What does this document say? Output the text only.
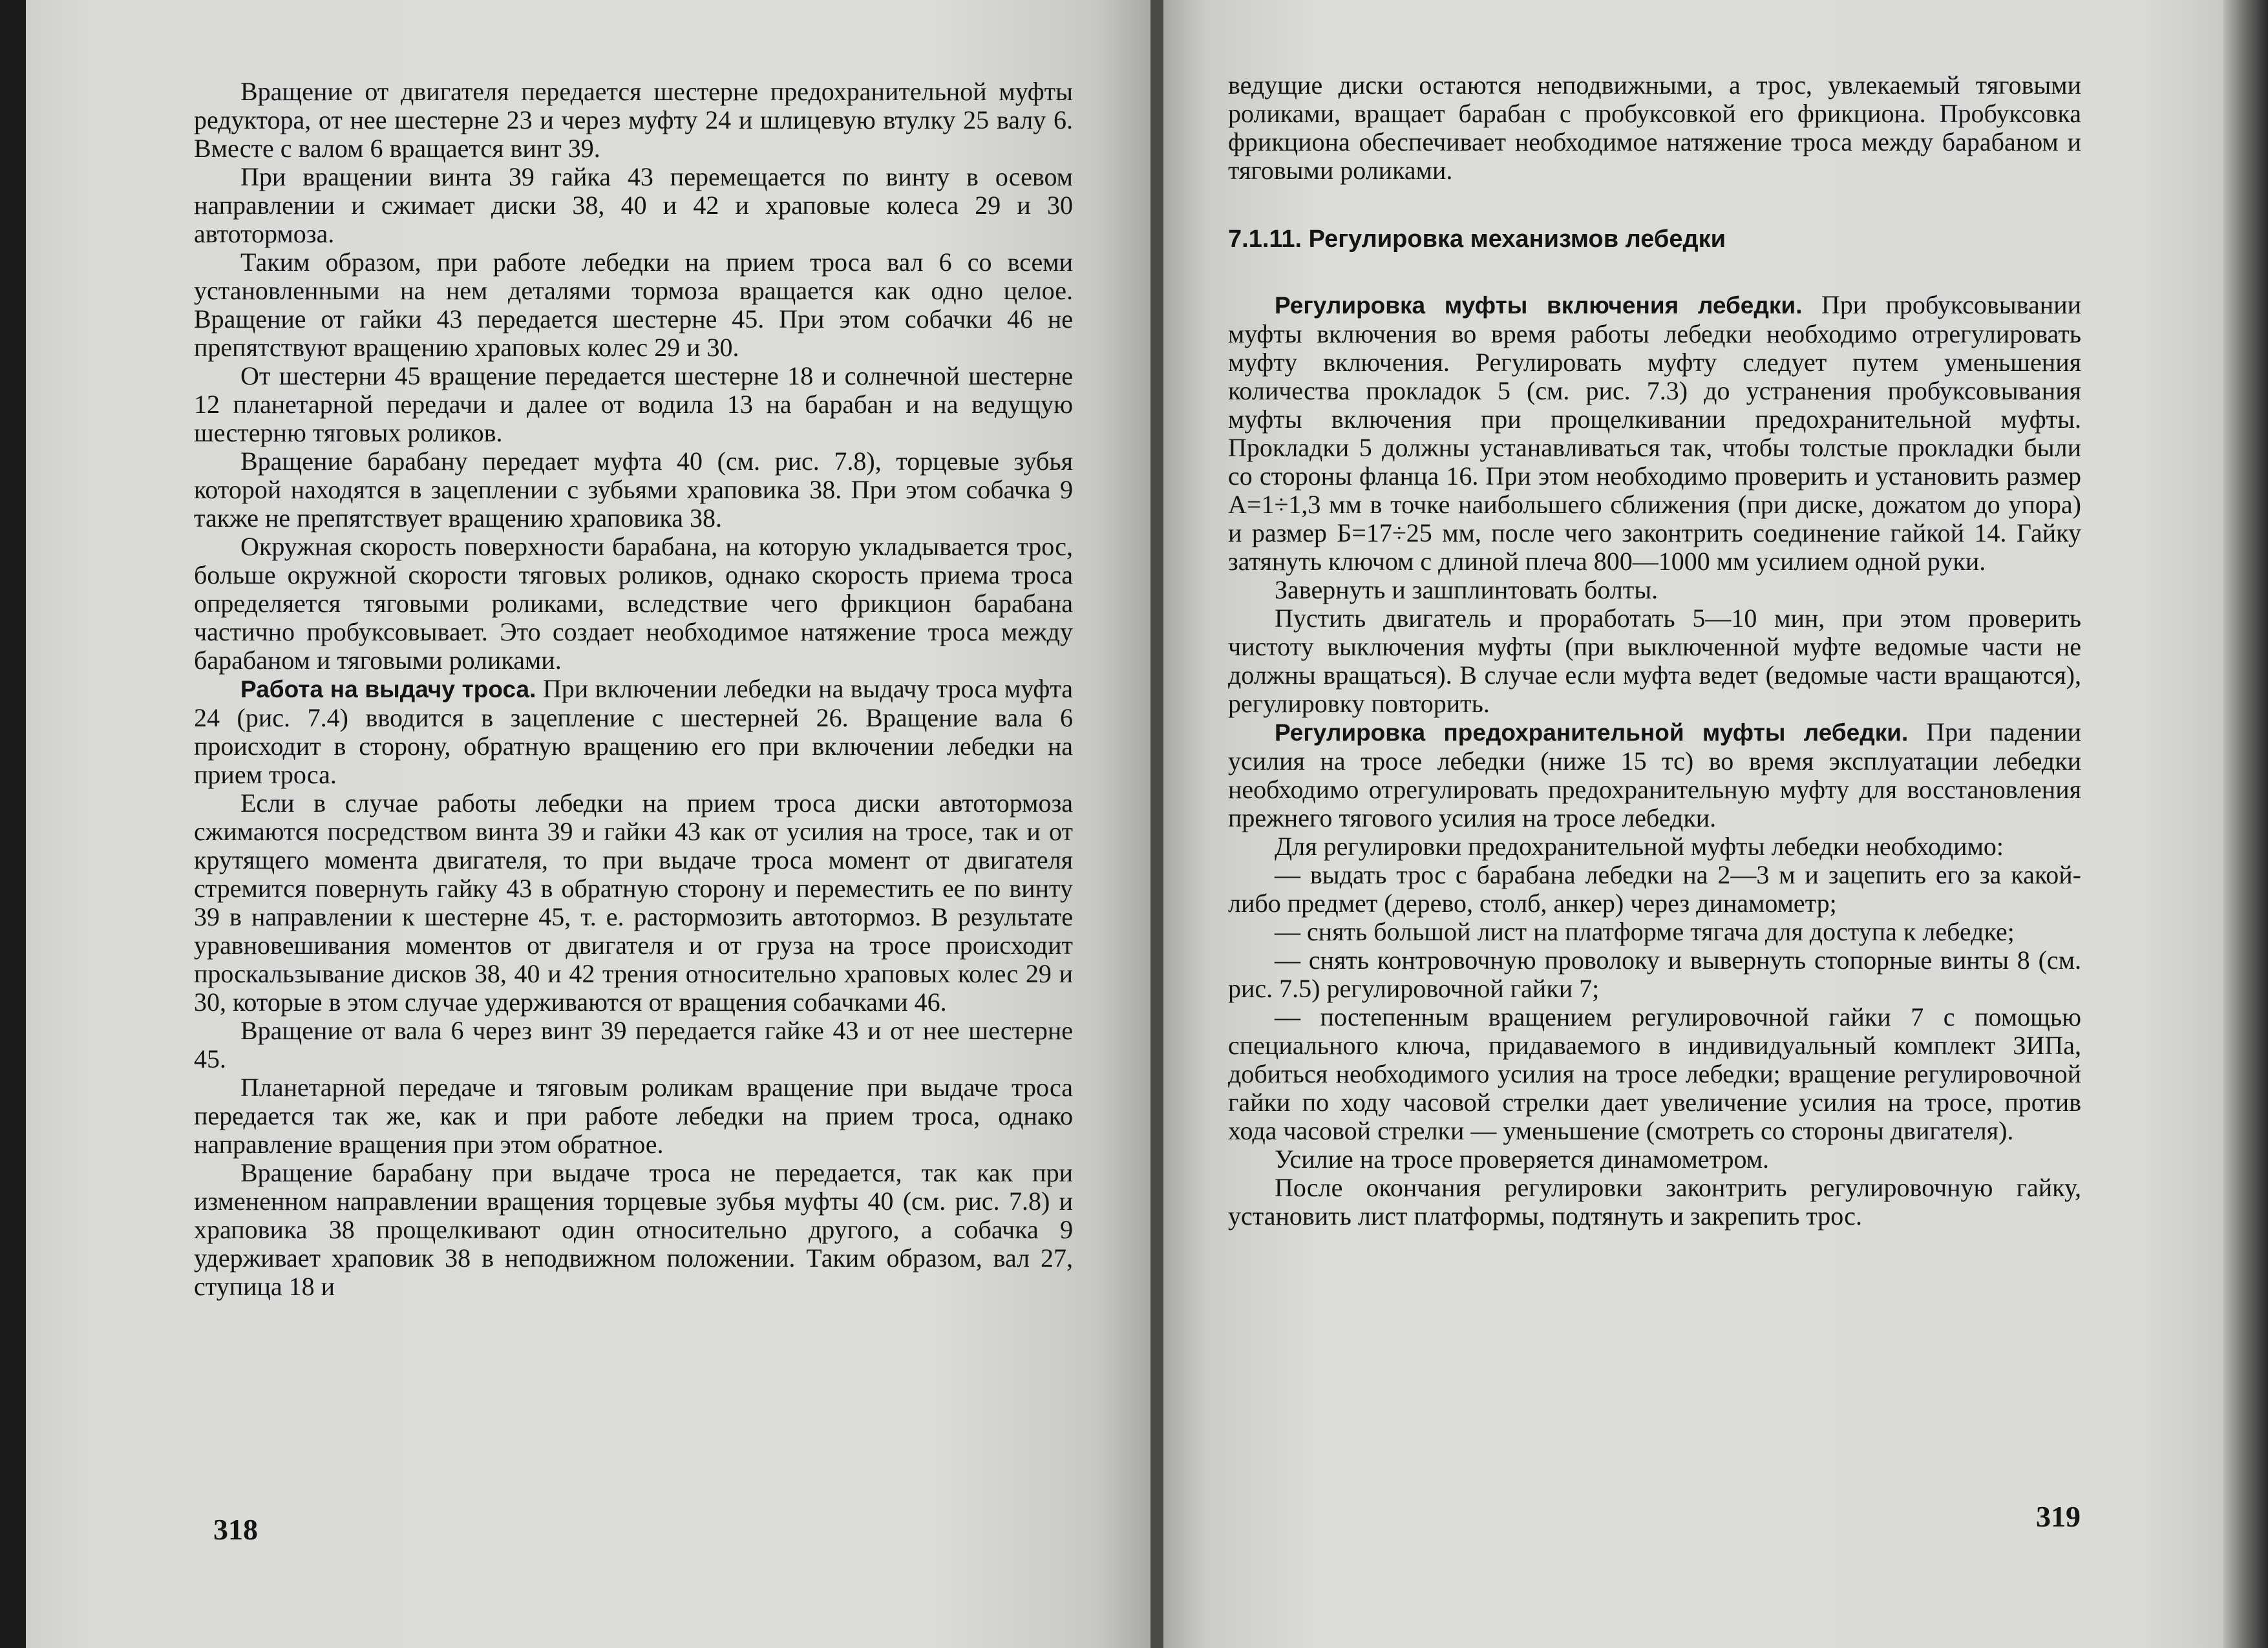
Вращение от двигателя передается шестерне предохранительной муфты редуктора, от нее шестерне 23 и через муфту 24 и шлицевую втулку 25 валу 6. Вместе с валом 6 вращается винт 39.

При вращении винта 39 гайка 43 перемещается по винту в осевом направлении и сжимает диски 38, 40 и 42 и храповые колеса 29 и 30 автотормоза.

Таким образом, при работе лебедки на прием троса вал 6 со всеми установленными на нем деталями тормоза вращается как одно целое. Вращение от гайки 43 передается шестерне 45. При этом собачки 46 не препятствуют вращению храповых колес 29 и 30.

От шестерни 45 вращение передается шестерне 18 и солнечной шестерне 12 планетарной передачи и далее от водила 13 на барабан и на ведущую шестерню тяговых роликов.

Вращение барабану передает муфта 40 (см. рис. 7.8), торцевые зубья которой находятся в зацеплении с зубьями храповика 38. При этом собачка 9 также не препятствует вращению храповика 38.

Окружная скорость поверхности барабана, на которую укладывается трос, больше окружной скорости тяговых роликов, однако скорость приема троса определяется тяговыми роликами, вследствие чего фрикцион барабана частично пробуксовывает. Это создает необходимое натяжение троса между барабаном и тяговыми роликами.

Работа на выдачу троса. При включении лебедки на выдачу троса муфта 24 (рис. 7.4) вводится в зацепление с шестерней 26. Вращение вала 6 происходит в сторону, обратную вращению его при включении лебедки на прием троса.

Если в случае работы лебедки на прием троса диски автотормоза сжимаются посредством винта 39 и гайки 43 как от усилия на тросе, так и от крутящего момента двигателя, то при выдаче троса момент от двигателя стремится повернуть гайку 43 в обратную сторону и переместить ее по винту 39 в направлении к шестерне 45, т. е. растормозить автотормоз. В результате уравновешивания моментов от двигателя и от груза на тросе происходит проскальзывание дисков 38, 40 и 42 трения относительно храповых колес 29 и 30, которые в этом случае удерживаются от вращения собачками 46.

Вращение от вала 6 через винт 39 передается гайке 43 и от нее шестерне 45.

Планетарной передаче и тяговым роликам вращение при выдаче троса передается так же, как и при работе лебедки на прием троса, однако направление вращения при этом обратное.

Вращение барабану при выдаче троса не передается, так как при измененном направлении вращения торцевые зубья муфты 40 (см. рис. 7.8) и храповика 38 прощелкивают один относительно другого, а собачка 9 удерживает храповик 38 в неподвижном положении. Таким образом, вал 27, ступица 18 и

318

ведущие диски остаются неподвижными, а трос, увлекаемый тяговыми роликами, вращает барабан с пробуксовкой его фрикциона. Пробуксовка фрикциона обеспечивает необходимое натяжение троса между барабаном и тяговыми роликами.

7.1.11. Регулировка механизмов лебедки

Регулировка муфты включения лебедки. При пробуксовывании муфты включения во время работы лебедки необходимо отрегулировать муфту включения. Регулировать муфту следует путем уменьшения количества прокладок 5 (см. рис. 7.3) до устранения пробуксовывания муфты включения при прощелкивании предохранительной муфты. Прокладки 5 должны устанавливаться так, чтобы толстые прокладки были со стороны фланца 16. При этом необходимо проверить и установить размер А=1÷1,3 мм в точке наибольшего сближения (при диске, дожатом до упора) и размер Б=17÷25 мм, после чего законтрить соединение гайкой 14. Гайку затянуть ключом с длиной плеча 800—1000 мм усилием одной руки.

Завернуть и зашплинтовать болты.

Пустить двигатель и проработать 5—10 мин, при этом проверить чистоту выключения муфты (при выключенной муфте ведомые части не должны вращаться). В случае если муфта ведет (ведомые части вращаются), регулировку повторить.

Регулировка предохранительной муфты лебедки. При падении усилия на тросе лебедки (ниже 15 тс) во время эксплуатации лебедки необходимо отрегулировать предохранительную муфту для восстановления прежнего тягового усилия на тросе лебедки.

Для регулировки предохранительной муфты лебедки необходимо:

— выдать трос с барабана лебедки на 2—3 м и зацепить его за какой-либо предмет (дерево, столб, анкер) через динамометр;

— снять большой лист на платформе тягача для доступа к лебедке;

— снять контровочную проволоку и вывернуть стопорные винты 8 (см. рис. 7.5) регулировочной гайки 7;

— постепенным вращением регулировочной гайки 7 с помощью специального ключа, придаваемого в индивидуальный комплект ЗИПа, добиться необходимого усилия на тросе лебедки; вращение регулировочной гайки по ходу часовой стрелки дает увеличение усилия на тросе, против хода часовой стрелки — уменьшение (смотреть со стороны двигателя).

Усилие на тросе проверяется динамометром.

После окончания регулировки законтрить регулировочную гайку, установить лист платформы, подтянуть и закрепить трос.

319
